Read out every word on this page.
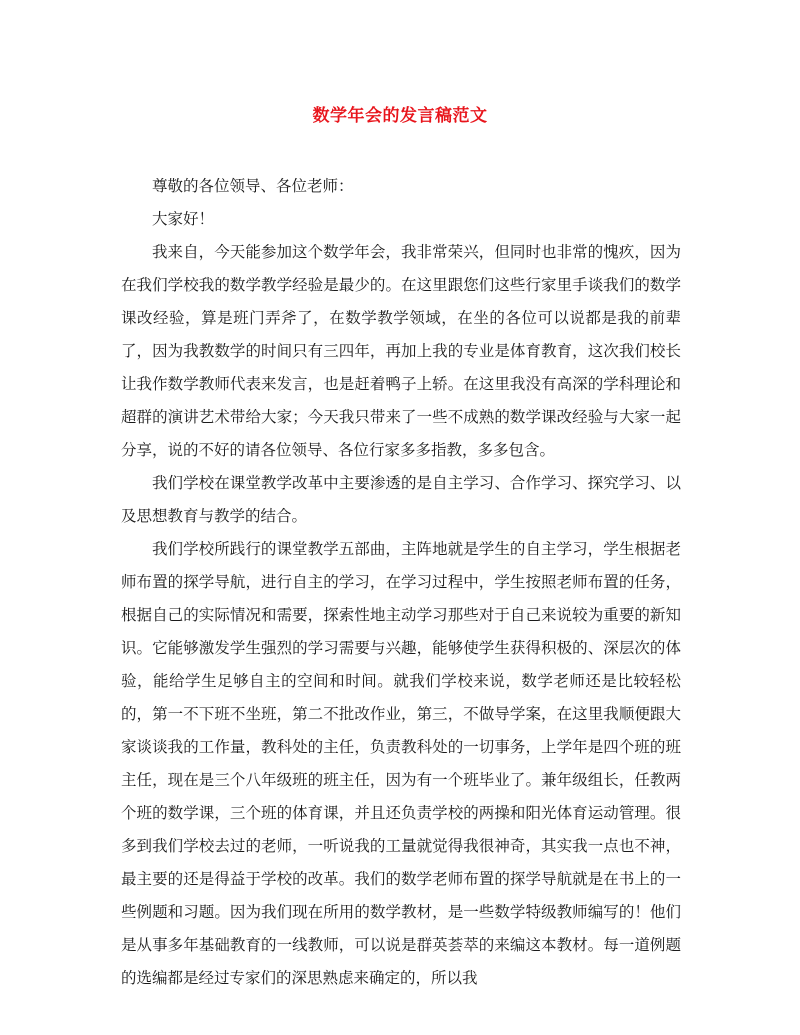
数学年会的发言稿范文

尊敬的各位领导、各位老师：

大家好！

我来自，今天能参加这个数学年会，我非常荣兴，但同时也非常的愧疚，因为在我们学校我的数学教学经验是最少的。在这里跟您们这些行家里手谈我们的数学课改经验，算是班门弄斧了，在数学教学领域，在坐的各位可以说都是我的前辈了，因为我教数学的时间只有三四年，再加上我的专业是体育教育，这次我们校长让我作数学教师代表来发言，也是赶着鸭子上轿。在这里我没有高深的学科理论和超群的演讲艺术带给大家；今天我只带来了一些不成熟的数学课改经验与大家一起分享，说的不好的请各位领导、各位行家多多指教，多多包含。

我们学校在课堂教学改革中主要渗透的是自主学习、合作学习、探究学习、以及思想教育与教学的结合。

我们学校所践行的课堂教学五部曲，主阵地就是学生的自主学习，学生根据老师布置的探学导航，进行自主的学习，在学习过程中，学生按照老师布置的任务，根据自己的实际情况和需要，探索性地主动学习那些对于自己来说较为重要的新知识。它能够激发学生强烈的学习需要与兴趣，能够使学生获得积极的、深层次的体验，能给学生足够自主的空间和时间。就我们学校来说，数学老师还是比较轻松的，第一不下班不坐班，第二不批改作业，第三，不做导学案，在这里我顺便跟大家谈谈我的工作量，教科处的主任，负责教科处的一切事务，上学年是四个班的班主任，现在是三个八年级班的班主任，因为有一个班毕业了。兼年级组长，任教两个班的数学课，三个班的体育课，并且还负责学校的两操和阳光体育运动管理。很多到我们学校去过的老师，一听说我的工量就觉得我很神奇，其实我一点也不神，最主要的还是得益于学校的改革。我们的数学老师布置的探学导航就是在书上的一些例题和习题。因为我们现在所用的数学教材，是一些数学特级教师编写的！他们是从事多年基础教育的一线教师，可以说是群英荟萃的来编这本教材。每一道例题的选编都是经过专家们的深思熟虑来确定的，所以我
